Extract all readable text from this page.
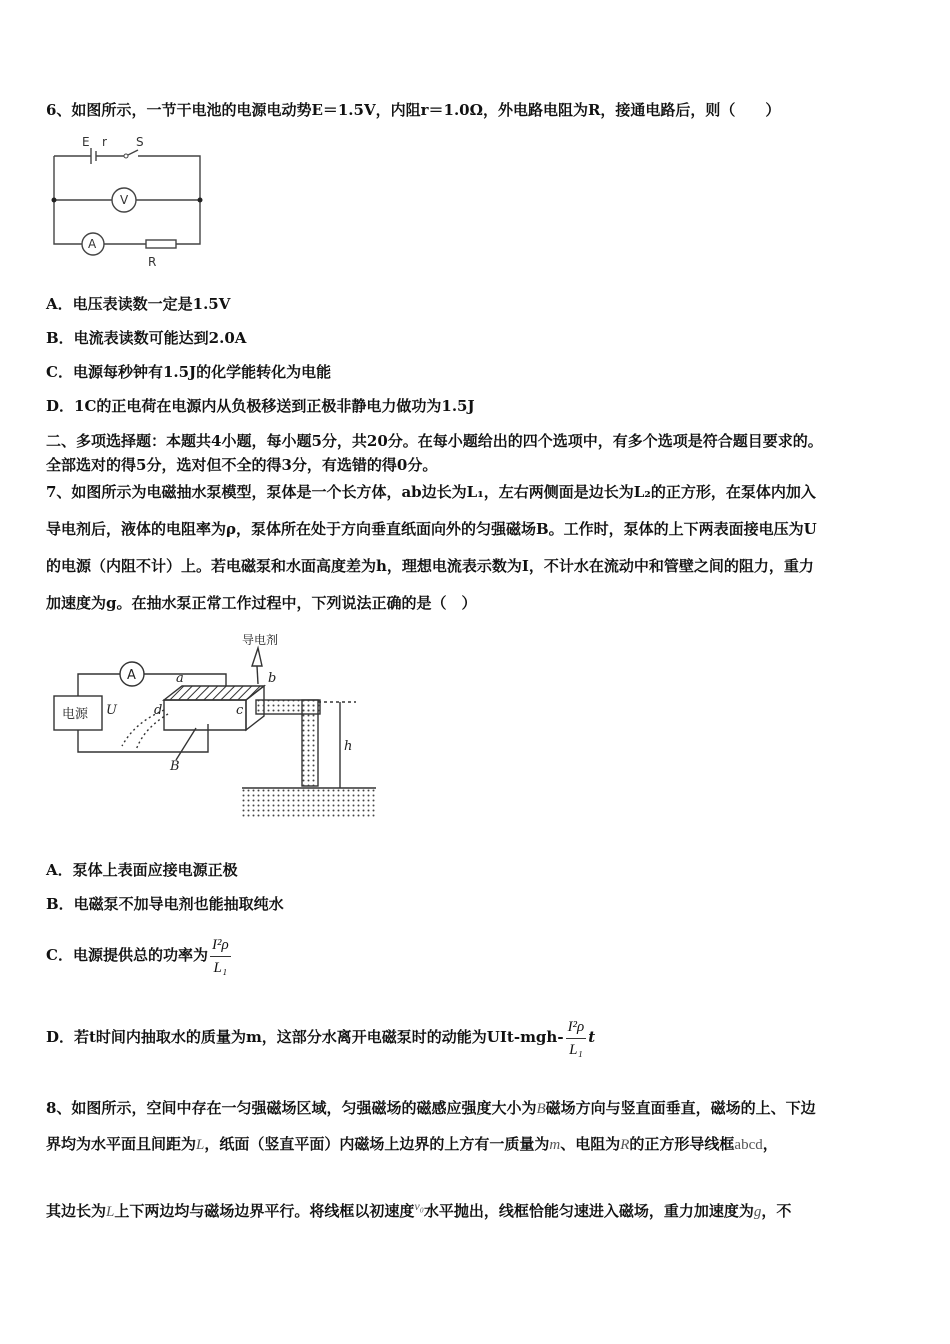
6、如图所示，一节干电池的电源电动势E＝1.5V，内阻r＝1.0Ω，外电路电阻为R，接通电路后，则（　　）
E r S
V
A
R
A．电压表读数一定是1.5V
B．电流表读数可能达到2.0A
C．电源每秒钟有1.5J的化学能转化为电能
D．1C的正电荷在电源内从负极移送到正极非静电力做功为1.5J
二、多项选择题：本题共4小题，每小题5分，共20分。在每小题给出的四个选项中，有多个选项是符合题目要求的。
全部选对的得5分，选对但不全的得3分，有选错的得0分。
7、如图所示为电磁抽水泵模型，泵体是一个长方体，ab边长为L₁，左右两侧面是边长为L₂的正方形，在泵体内加入
导电剂后，液体的电阻率为ρ，泵体所在处于方向垂直纸面向外的匀强磁场B。工作时，泵体的上下两表面接电压为U
的电源（内阻不计）上。若电磁泵和水面高度差为h，理想电流表示数为I，不计水在流动中和管壁之间的阻力，重力
加速度为g。在抽水泵正常工作过程中，下列说法正确的是（　）
导电剂
A
电源 U
a	b
c
d
B
h
A．泵体上表面应接电源正极
B．电磁泵不加导电剂也能抽取纯水
C．电源提供总的功率为 $\frac{\text{I²ρ}}{\text{L₁}}$
D．若t时间内抽取水的质量为m，这部分水离开电磁泵时的动能为$UIt-mgh- \frac{\text{I²ρ}}{\text{L₁}}$ t
8、如图所示，空间中存在一匀强磁场区域，匀强磁场的磁感应强度大小为B磁场方向与竖直面垂直，磁场的上、下边
界均为水平面且间距为L，纸面（竖直平面）内磁场上边界的上方有一质量为m、电阻为R的正方形导线框abcd，
其边长为L上下两边均与磁场边界平行。将线框以初速度$^{v_0}$水平抛出，线框恰能匀速进入磁场，重力加速度为g，不
